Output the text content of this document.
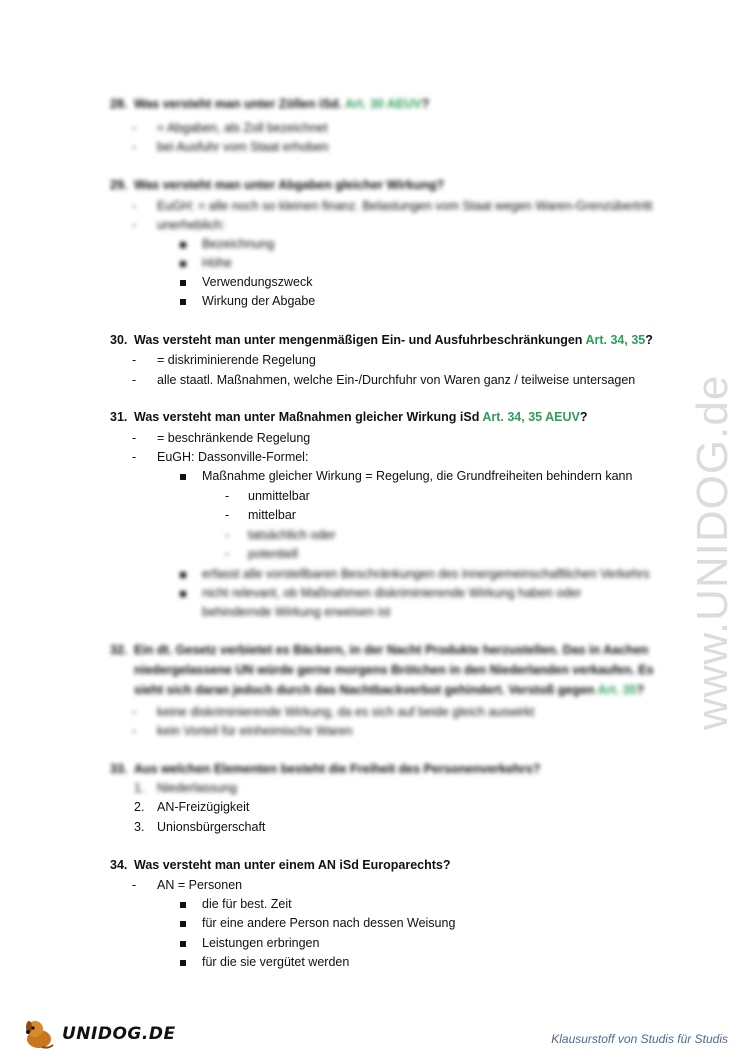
www.UNIDOG.de
28. Was versteht man unter Zöllen iSd. Art. 30 AEUV?
- = Abgaben, als Zoll bezeichnet
- bei Ausfuhr vom Staat erhoben
29. Was versteht man unter Abgaben gleicher Wirkung?
- EuGH: = alle noch so kleinen finanz. Belastungen vom Staat wegen Waren-Grenzübertritt
- unerheblich:
Bezeichnung
Höhe
Verwendungszweck
Wirkung der Abgabe
30. Was versteht man unter mengenmäßigen Ein- und Ausfuhrbeschränkungen Art. 34, 35?
- = diskriminierende Regelung
- alle staatl. Maßnahmen, welche Ein-/Durchfuhr von Waren ganz / teilweise untersagen
31. Was versteht man unter Maßnahmen gleicher Wirkung iSd Art. 34, 35 AEUV?
- = beschränkende Regelung
- EuGH: Dassonville-Formel:
Maßnahme gleicher Wirkung = Regelung, die Grundfreiheiten behindern kann
- unmittelbar
- mittelbar
- tatsächlich oder
- potentiell
erfasst alle vorstellbaren Beschränkungen des innergemeinschaftlichen Verkehrs
nicht relevant, ob Maßnahmen diskriminierende Wirkung haben oder
behindernde Wirkung erweisen ist
32. Ein dt. Gesetz verbietet es Bäckern, in der Nacht Produkte herzustellen. Das in Aachen
niedergelassene UN würde gerne morgens Brötchen in den Niederlanden verkaufen. Es
sieht sich daran jedoch durch das Nachtbackverbot gehindert. Verstoß gegen Art. 35?
- keine diskriminierende Wirkung, da es sich auf beide gleich auswirkt
- kein Vorteil für einheimische Waren
33. Aus welchen Elementen besteht die Freiheit des Personenverkehrs?
1. Niederlassung
2. AN-Freizügigkeit
3. Unionsbürgerschaft
34. Was versteht man unter einem AN iSd Europarechts?
- AN = Personen
die für best. Zeit
für eine andere Person nach dessen Weisung
Leistungen erbringen
für die sie vergütet werden
UNIDOG.DE	Klausurstoff von Studis für Studis
